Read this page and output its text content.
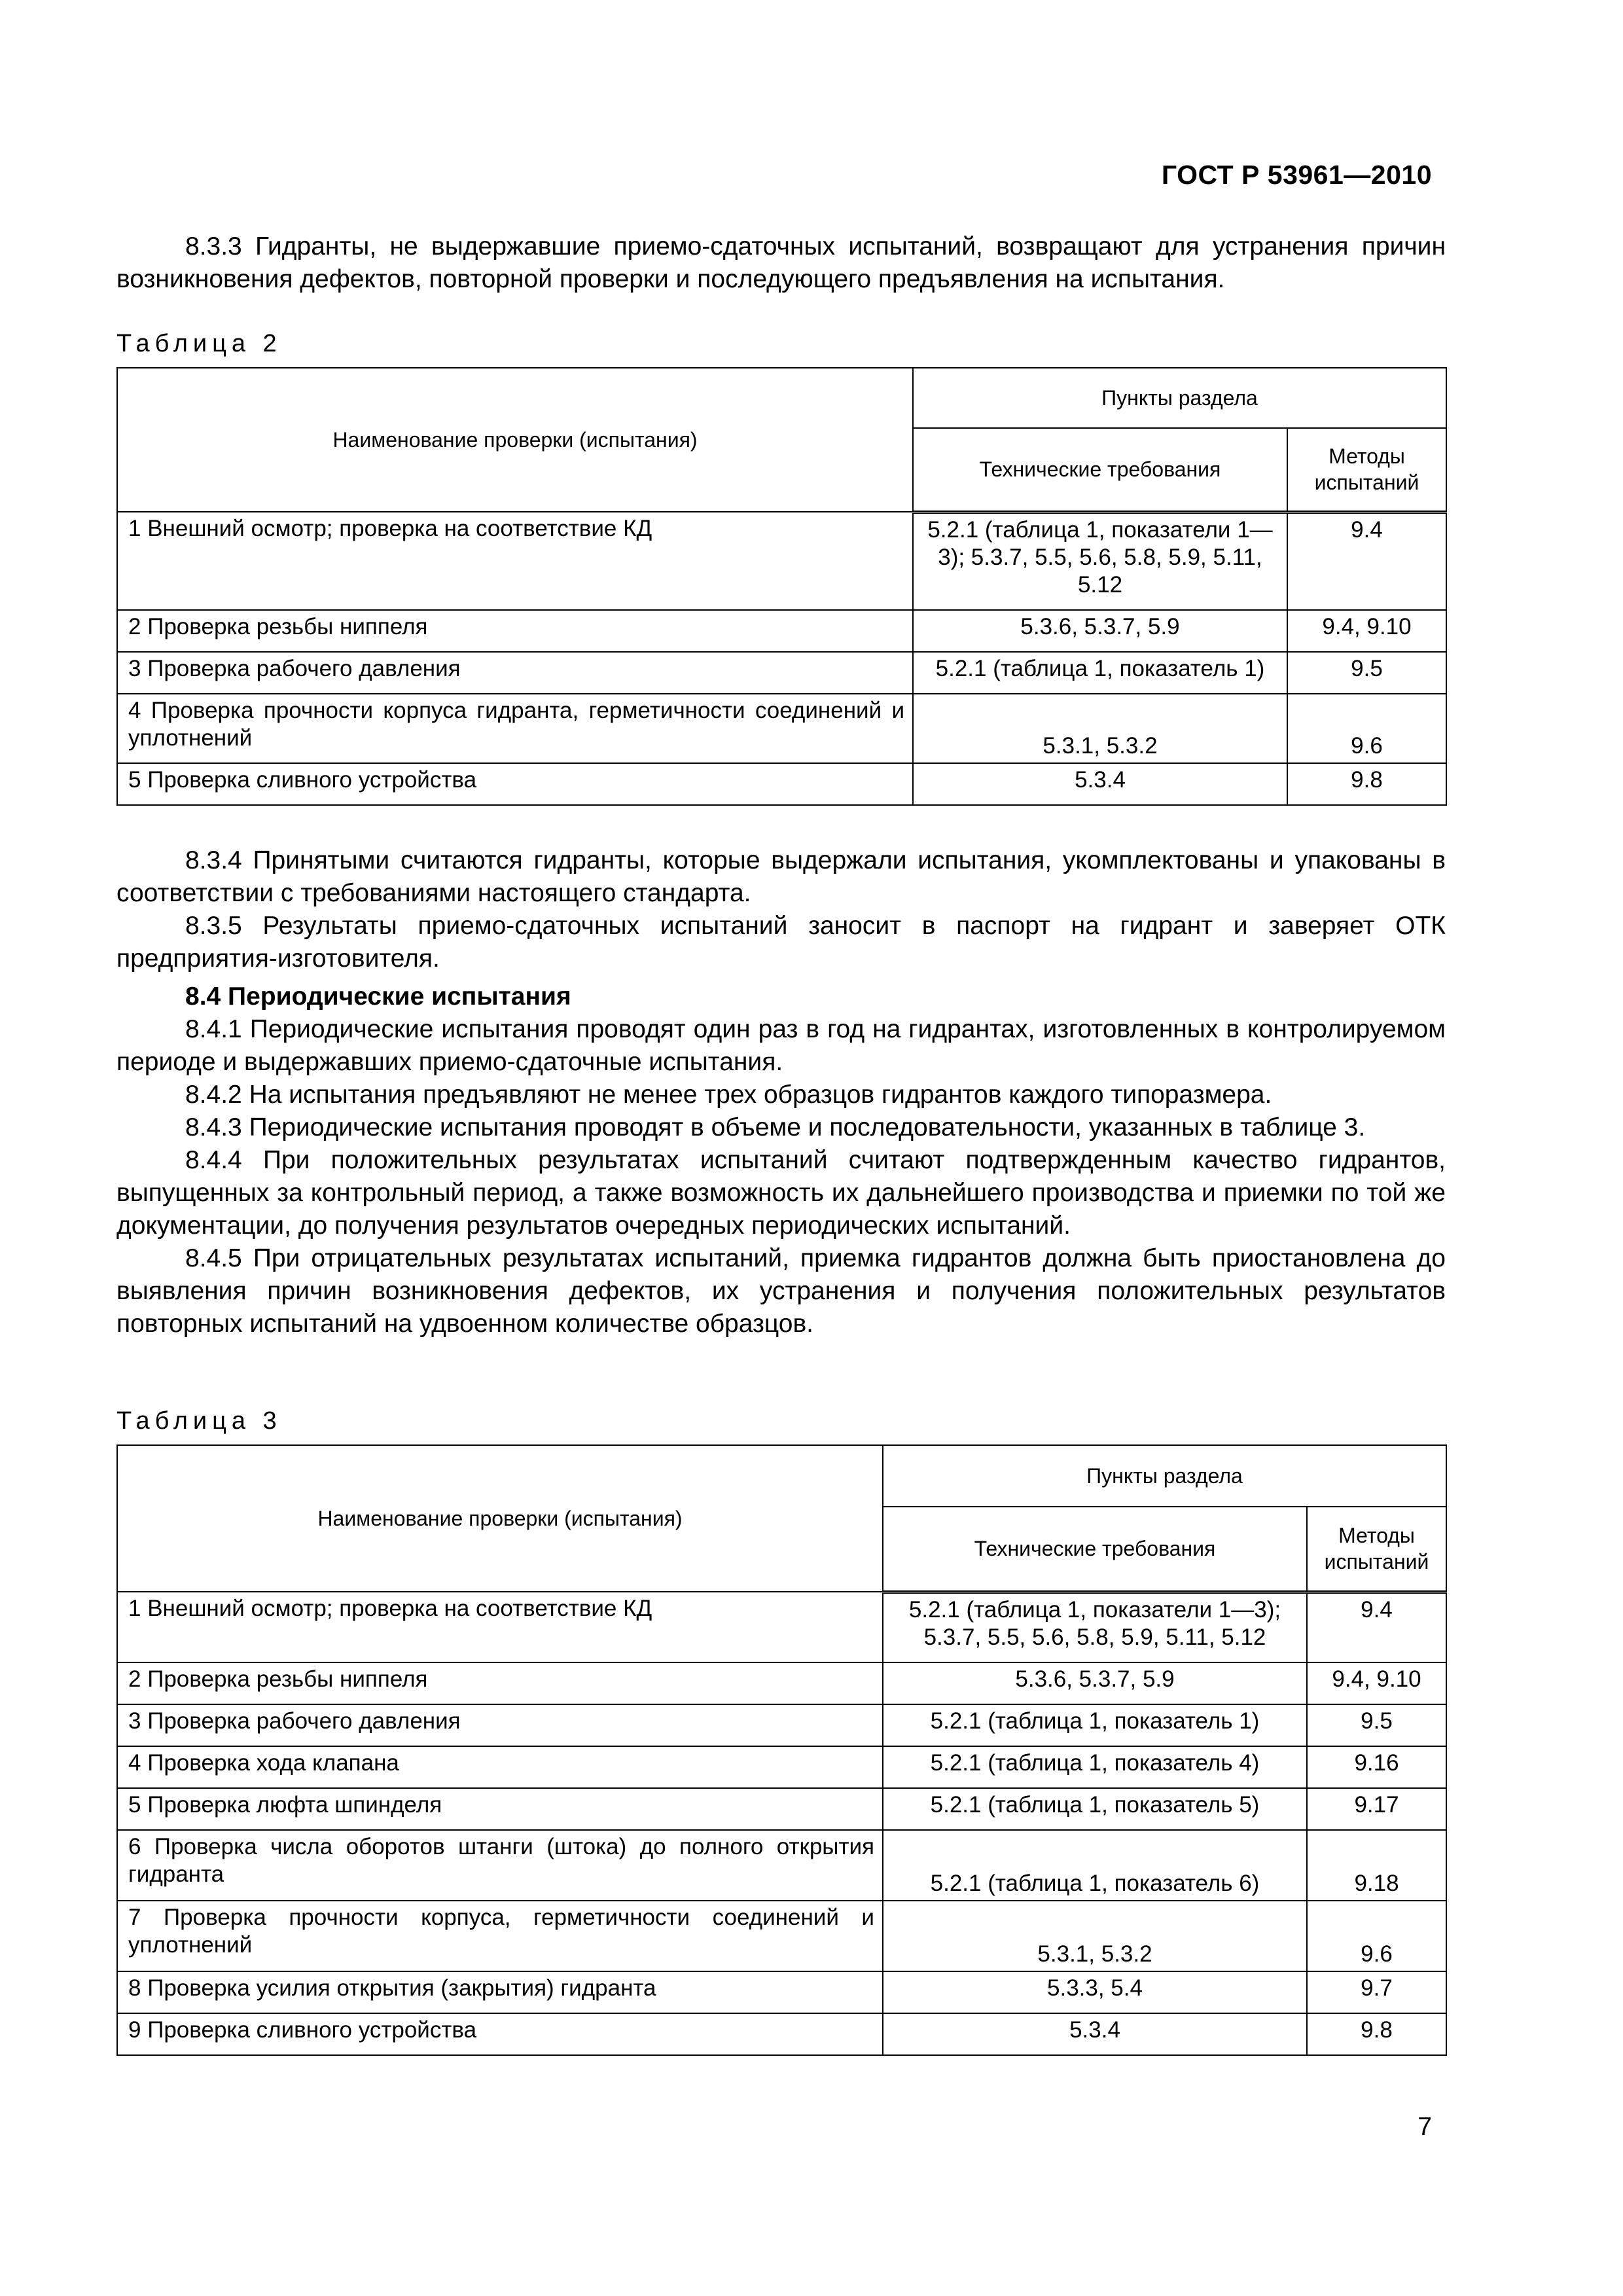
ГОСТ Р 53961—2010

8.3.3 Гидранты, не выдержавшие приемо-сдаточных испытаний, возвращают для устранения причин возникновения дефектов, повторной проверки и последующего предъявления на испытания.

Таблица 2

Наименование проверки (испытания)	Пункты раздела	
	Технические требования	Методы испытаний
1 Внешний осмотр; проверка на соответствие КД	5.2.1 (таблица 1, показатели 1—3); 5.3.7, 5.5, 5.6, 5.8, 5.9, 5.11, 5.12	9.4
2 Проверка резьбы ниппеля	5.3.6, 5.3.7, 5.9	9.4, 9.10
3 Проверка рабочего давления	5.2.1 (таблица 1, показатель 1)	9.5
4 Проверка прочности корпуса гидранта, герметичности соединений и уплотнений	5.3.1, 5.3.2	9.6
5 Проверка сливного устройства	5.3.4	9.8

8.3.4 Принятыми считаются гидранты, которые выдержали испытания, укомплектованы и упакованы в соответствии с требованиями настоящего стандарта.

8.3.5 Результаты приемо-сдаточных испытаний заносит в паспорт на гидрант и заверяет ОТК предприятия-изготовителя.

8.4 Периодические испытания

8.4.1 Периодические испытания проводят один раз в год на гидрантах, изготовленных в контролируемом периоде и выдержавших приемо-сдаточные испытания.

8.4.2 На испытания предъявляют не менее трех образцов гидрантов каждого типоразмера.

8.4.3 Периодические испытания проводят в объеме и последовательности, указанных в таблице 3.

8.4.4 При положительных результатах испытаний считают подтвержденным качество гидрантов, выпущенных за контрольный период, а также возможность их дальнейшего производства и приемки по той же документации, до получения результатов очередных периодических испытаний.

8.4.5 При отрицательных результатах испытаний, приемка гидрантов должна быть приостановлена до выявления причин возникновения дефектов, их устранения и получения положительных результатов повторных испытаний на удвоенном количестве образцов.

Таблица 3

Наименование проверки (испытания)	Пункты раздела	
	Технические требования	Методы испытаний
1 Внешний осмотр; проверка на соответствие КД	5.2.1 (таблица 1, показатели 1—3); 5.3.7, 5.5, 5.6, 5.8, 5.9, 5.11, 5.12	9.4
2 Проверка резьбы ниппеля	5.3.6, 5.3.7, 5.9	9.4, 9.10
3 Проверка рабочего давления	5.2.1 (таблица 1, показатель 1)	9.5
4 Проверка хода клапана	5.2.1 (таблица 1, показатель 4)	9.16
5 Проверка люфта шпинделя	5.2.1 (таблица 1, показатель 5)	9.17
6 Проверка числа оборотов штанги (штока) до полного открытия гидранта	5.2.1 (таблица 1, показатель 6)	9.18
7 Проверка прочности корпуса, герметичности соединений и уплотнений	5.3.1, 5.3.2	9.6
8 Проверка усилия открытия (закрытия) гидранта	5.3.3, 5.4	9.7
9 Проверка сливного устройства	5.3.4	9.8
7
